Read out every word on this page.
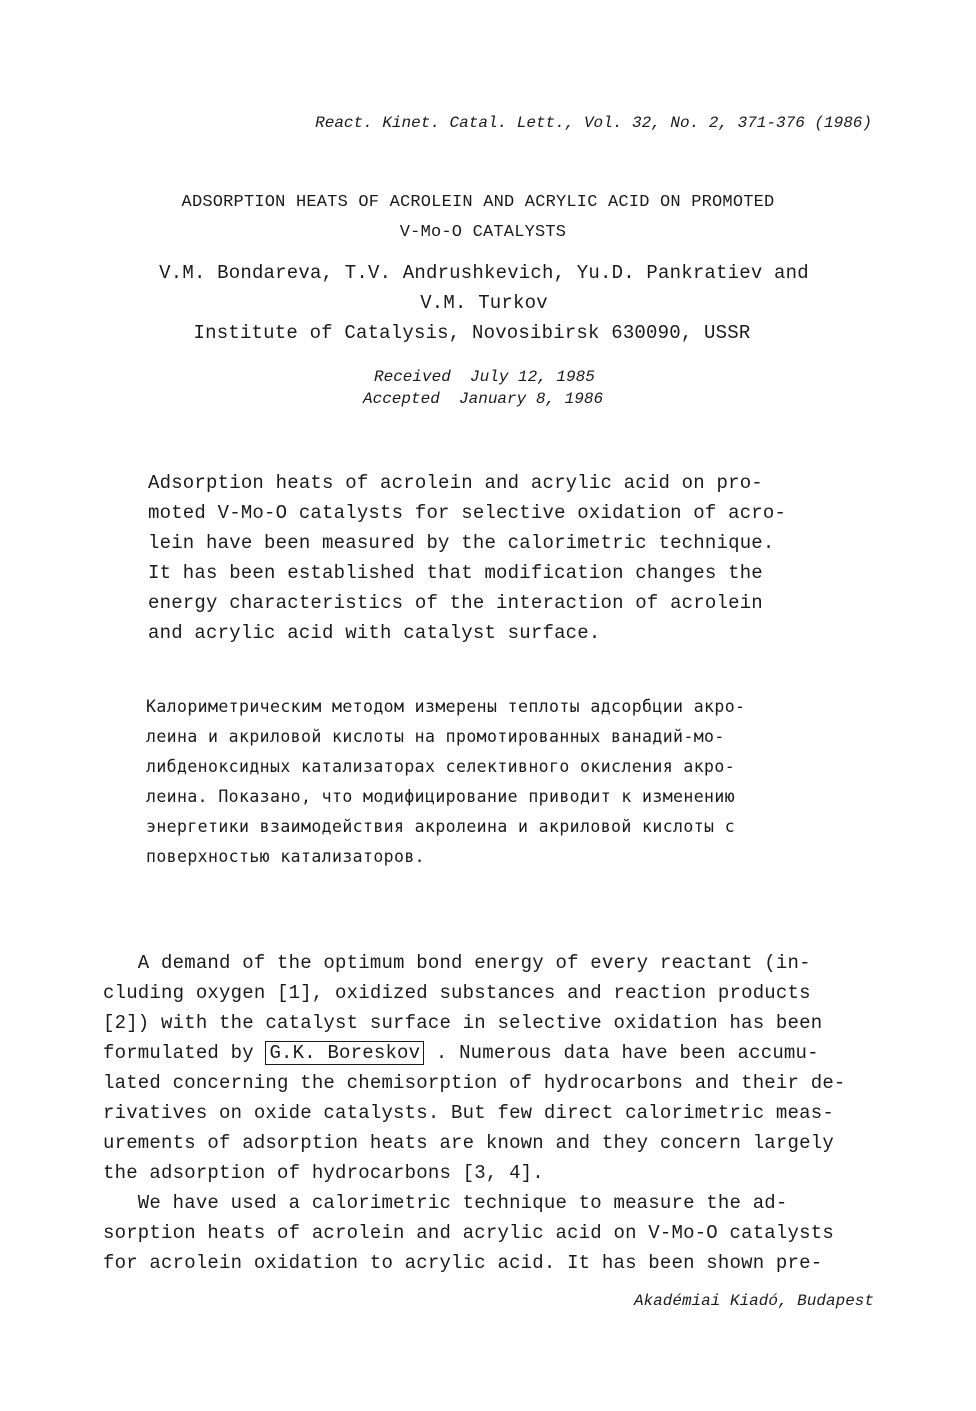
React. Kinet. Catal. Lett., Vol. 32, No. 2, 371-376 (1986)

ADSORPTION HEATS OF ACROLEIN AND ACRYLIC ACID ON PROMOTED

V-Mo-O CATALYSTS

V.M. Bondareva, T.V. Andrushkevich, Yu.D. Pankratiev and

V.M. Turkov

Institute of Catalysis, Novosibirsk 630090, USSR

Received  July 12, 1985

Accepted  January 8, 1986

Adsorption heats of acrolein and acrylic acid on pro-

moted V-Mo-O catalysts for selective oxidation of acro-

lein have been measured by the calorimetric technique.

It has been established that modification changes the

energy characteristics of the interaction of acrolein

and acrylic acid with catalyst surface.

Калориметрическим методом измерены теплоты адсорбции акро-

леина и акриловой кислоты на промотированных ванадий-мо-

либденоксидных катализаторах селективного окисления акро-

леина. Показано, что модифицирование приводит к изменению

энергетики взаимодействия акролеина и акриловой кислоты с

поверхностью катализаторов.

A demand of the optimum bond energy of every reactant (in-

cluding oxygen [1], oxidized substances and reaction products

[2]) with the catalyst surface in selective oxidation has been

formulated by G.K. Boreskov . Numerous data have been accumu-

lated concerning the chemisorption of hydrocarbons and their de-

rivatives on oxide catalysts. But few direct calorimetric meas-

urements of adsorption heats are known and they concern largely

the adsorption of hydrocarbons [3, 4].

We have used a calorimetric technique to measure the ad-

sorption heats of acrolein and acrylic acid on V-Mo-O catalysts

for acrolein oxidation to acrylic acid. It has been shown pre-

Akadémiai Kiadó, Budapest
